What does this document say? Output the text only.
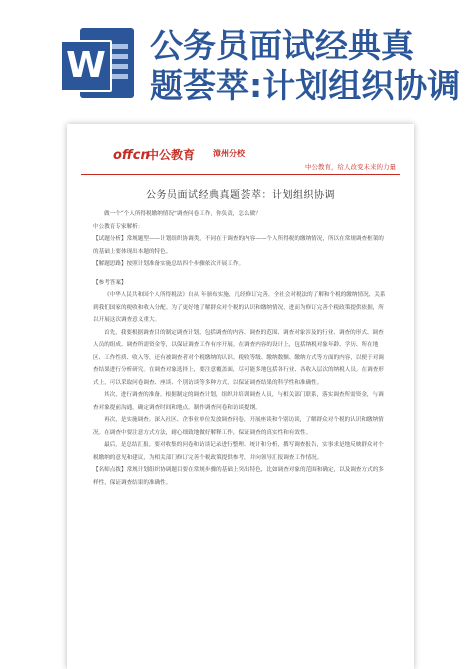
W 公务员面试经典真
题荟萃:计划组织协调
offcn
中公教育 漳州分校
中公教育，给人改变未来的力量
公务员面试经典真题荟萃：计划组织协调

做一个“个人所得税缴纳情况”调查问卷工作，你负责，怎么做？

中公教育专家解析：

【试题分析】常规题型——计划组织协调类，不同在于调查的内容——个人所得税的缴纳情况，所以在常规调查框架的的基础上要体现出本题的特色。

【解题思路】按照计划准备实施总结四个步骤依次开展工作。

【参考答案】

《中华人民共和国个人所得税法》自从 年颁布实施，几经修订完善，全社会对税法的了解和个税的缴纳情况，关系到我们国家的税收和收入分配。为了更好地了解群众对个税的认识和缴纳情况，进而为修订完善个税政策提供依据，所以开展这次调查意义重大。

首先，我要根据调查目的制定调查计划，包括调查的内容、调查的范围、调查对象涉及的行业、调查的形式、调查人员的组成、调查所需资金等，以保证调查工作有序开展。在调查内容的设计上，包括纳税对象年龄、学历、所在地区、工作性质、收入等，还有被调查者对个税缴纳的认识、税收等级、缴纳数额、缴纳方式等方面的内容，以便于对调查结果进行分析研究。在调查对象选择上，要注意覆盖面，尽可能多地包括各行业、各收入层次的纳税人员。在调查形式上，可以采取问卷调查、座谈、个别访谈等多种方式，以保证调查结果的科学性和准确性。

其次，进行调查的准备。根据制定的调查计划，组织并培训调查人员，与相关部门联系，落实调查所需资金，与调查对象提前沟通，确定调查时间和地点，制作调查问卷和访谈提纲。

再次，是实施调查。深入社区、企事业单位发放调查问卷，开展座谈和个别访谈，了解群众对个税的认识和缴纳情况。在调查中要注意方式方法，耐心细致地做好解释工作，保证调查的真实性和有效性。

最后，是总结汇报。要对收集的问卷和访谈记录进行整理、统计和分析，撰写调查报告，实事求是地反映群众对个税缴纳的意见和建议，为相关部门修订完善个税政策提供参考，并向领导汇报调查工作情况。

【名师点拨】常规计划组织协调题目要在常规步骤的基础上突出特色，比如调查对象的范围和确定，以及调查方式的多样性，保证调查结果的准确性。
